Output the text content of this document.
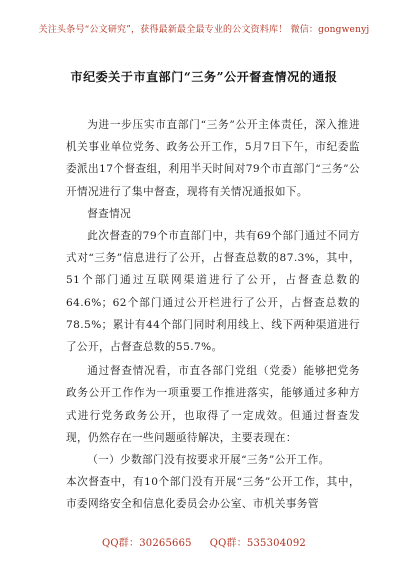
关注头条号“公文研究”，获得最新最全最专业的公文资料库！ 微信：gongwenyj
市纪委关于市直部门“三务”公开督查情况的通报

为进一步压实市直部门“三务”公开主体责任，深入推进机关事业单位党务、政务公开工作，5月7日下午，市纪委监委派出17个督查组，利用半天时间对79个市直部门“三务”公开情况进行了集中督查，现将有关情况通报如下。

督查情况

此次督查的79个市直部门中，共有69个部门通过不同方式对“三务”信息进行了公开，占督查总数的87.3%，其中，51个部门通过互联网渠道进行了公开，占督查总数的64.6%；62个部门通过公开栏进行了公开，占督查总数的78.5%；累计有44个部门同时利用线上、线下两种渠道进行了公开，占督查总数的55.7%。

通过督查情况看，市直各部门党组（党委）能够把党务政务公开工作作为一项重要工作推进落实，能够通过多种方式进行党务政务公开，也取得了一定成效。但通过督查发现，仍然存在一些问题亟待解决，主要表现在：

（一）少数部门没有按要求开展“三务”公开工作。

本次督查中，有10个部门没有开展“三务”公开工作，其中，市委网络安全和信息化委员会办公室、市机关事务管

QQ群：30265665 QQ群：535304092
